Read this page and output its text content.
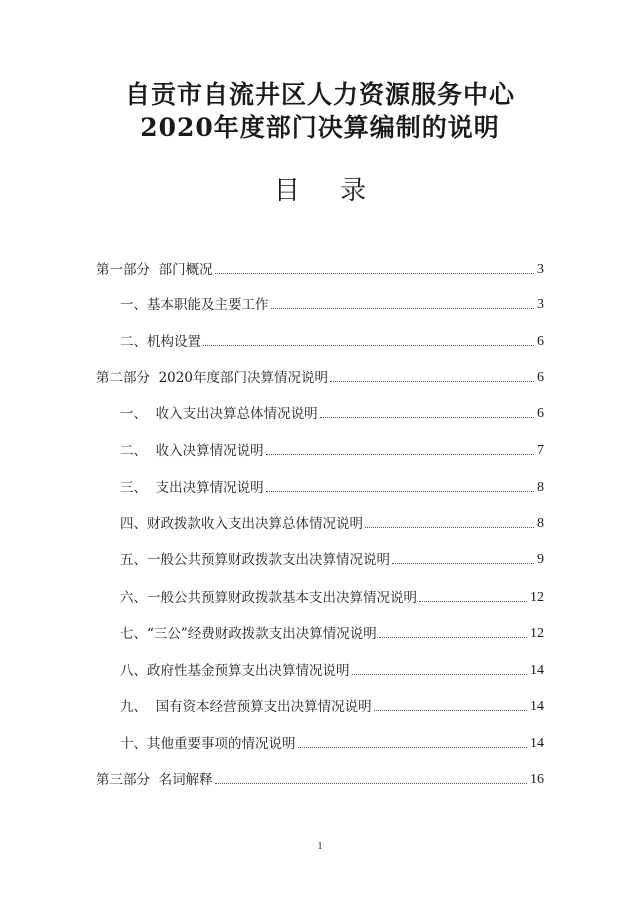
自贡市自流井区人力资源服务中心
2020年度部门决算编制的说明
目 录
第一部分  部门概况	3
一、基本职能及主要工作	3
二、机构设置	6
第二部分  2020年度部门决算情况说明	6
一、  收入支出决算总体情况说明	6
二、  收入决算情况说明	7
三、  支出决算情况说明	8
四、财政拨款收入支出决算总体情况说明	8
五、一般公共预算财政拨款支出决算情况说明	9
六、一般公共预算财政拨款基本支出决算情况说明	12
七、“三公”经费财政拨款支出决算情况说明	12
八、政府性基金预算支出决算情况说明	14
九、  国有资本经营预算支出决算情况说明	14
十、其他重要事项的情况说明	14
第三部分  名词解释	16
1
